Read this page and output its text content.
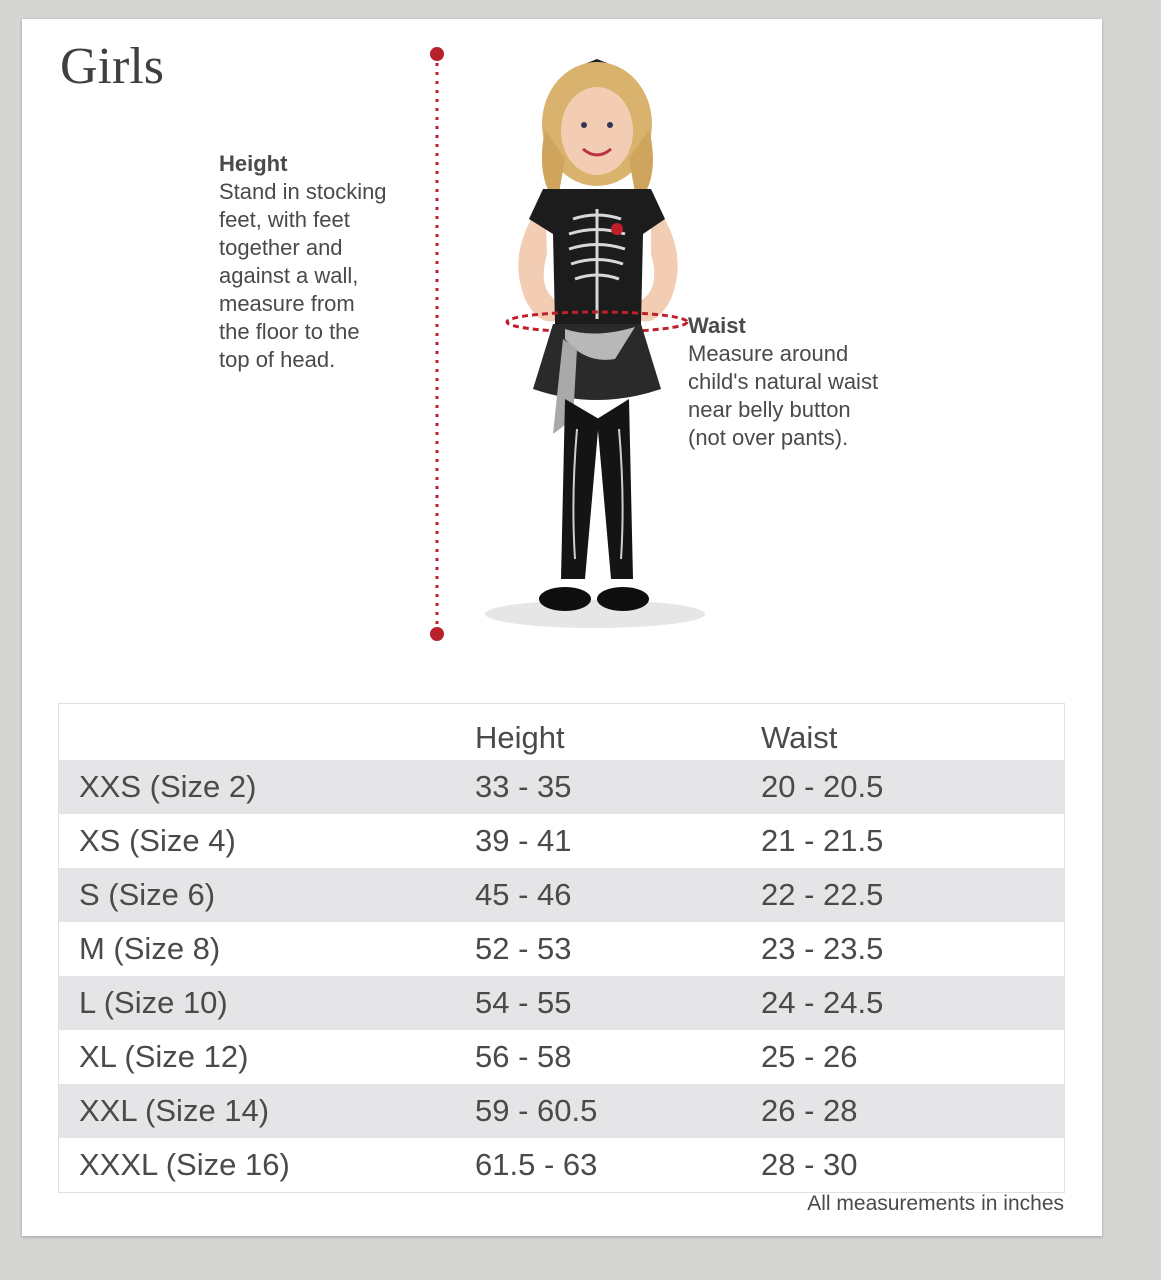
Girls
Height
Stand in stocking
feet, with feet
together and
against a wall,
measure from
the floor to the
top of head.
Waist
Measure around
child's natural waist
near belly button
(not over pants).
	Height	Waist
XXS (Size 2)	33 - 35	20 - 20.5
XS (Size 4)	39 - 41	21 - 21.5
S (Size 6)	45 - 46	22 - 22.5
M (Size 8)	52 - 53	23 - 23.5
L (Size 10)	54 - 55	24 - 24.5
XL (Size 12)	56 - 58	25 - 26
XXL (Size 14)	59 - 60.5	26 - 28
XXXL (Size 16)	61.5 - 63	28 - 30
All measurements in inches
